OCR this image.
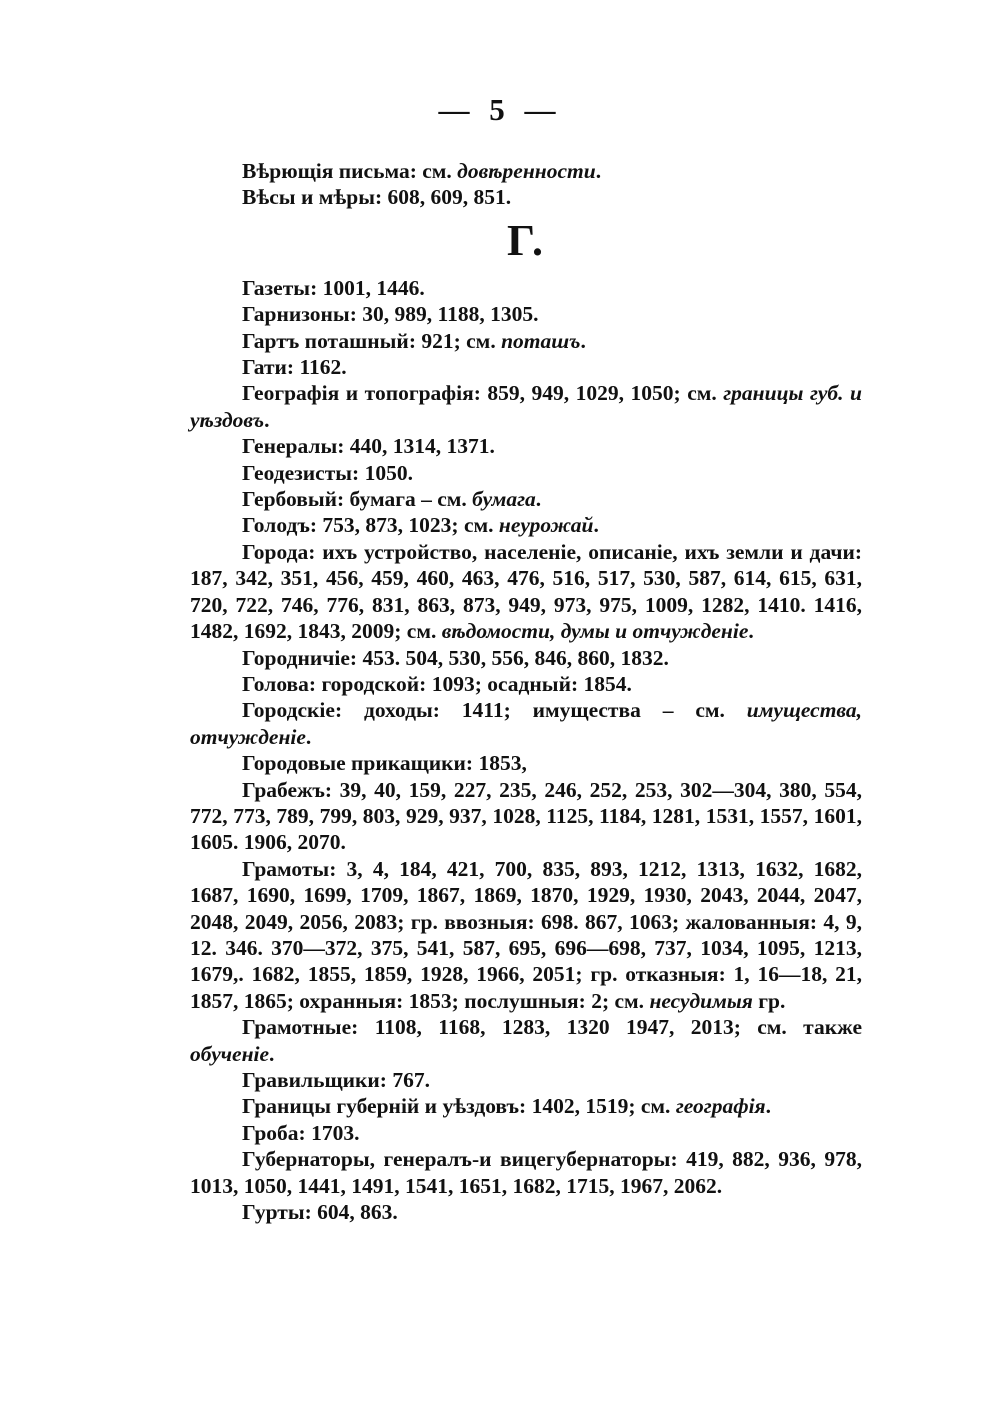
— 5 —

Вѣрющія письма: см. довѣренности.

Вѣсы и мѣры: 608, 609, 851.

Г.

Газеты: 1001, 1446.

Гарнизоны: 30, 989, 1188, 1305.

Гартъ поташный: 921; см. поташъ.

Гати: 1162.

Географія и топографія: 859, 949, 1029, 1050; см. границы губ. и уѣздовъ.

Генералы: 440, 1314, 1371.

Геодезисты: 1050.

Гербовый: бумага – см. бумага.

Голодъ: 753, 873, 1023; см. неурожай.

Города: ихъ устройство, населеніе, описаніе, ихъ земли и дачи: 187, 342, 351, 456, 459, 460, 463, 476, 516, 517, 530, 587, 614, 615, 631, 720, 722, 746, 776, 831, 863, 873, 949, 973, 975, 1009, 1282, 1410. 1416, 1482, 1692, 1843, 2009; см. вѣдомости, думы и отчужденіе.

Городничіе: 453. 504, 530, 556, 846, 860, 1832.

Голова: городской: 1093; осадный: 1854.

Городскіе: доходы: 1411; имущества – см. имущества, отчужденіе.

Городовые прикащики: 1853,

Грабежъ: 39, 40, 159, 227, 235, 246, 252, 253, 302—304, 380, 554, 772, 773, 789, 799, 803, 929, 937, 1028, 1125, 1184, 1281, 1531, 1557, 1601, 1605. 1906, 2070.

Грамоты: 3, 4, 184, 421, 700, 835, 893, 1212, 1313, 1632, 1682, 1687, 1690, 1699, 1709, 1867, 1869, 1870, 1929, 1930, 2043, 2044, 2047, 2048, 2049, 2056, 2083; гр. ввозныя: 698. 867, 1063; жалованныя: 4, 9, 12. 346. 370—372, 375, 541, 587, 695, 696—698, 737, 1034, 1095, 1213, 1679,. 1682, 1855, 1859, 1928, 1966, 2051; гр. отказныя: 1, 16—18, 21, 1857, 1865; охранныя: 1853; послушныя: 2; см. несудимыя гр.

Грамотные: 1108, 1168, 1283, 1320 1947, 2013; см. также обученіе.

Гравильщики: 767.

Границы губерній и уѣздовъ: 1402, 1519; см. географія.

Гроба: 1703.

Губернаторы, генералъ-и вицегубернаторы: 419, 882, 936, 978, 1013, 1050, 1441, 1491, 1541, 1651, 1682, 1715, 1967, 2062.

Гурты: 604, 863.
